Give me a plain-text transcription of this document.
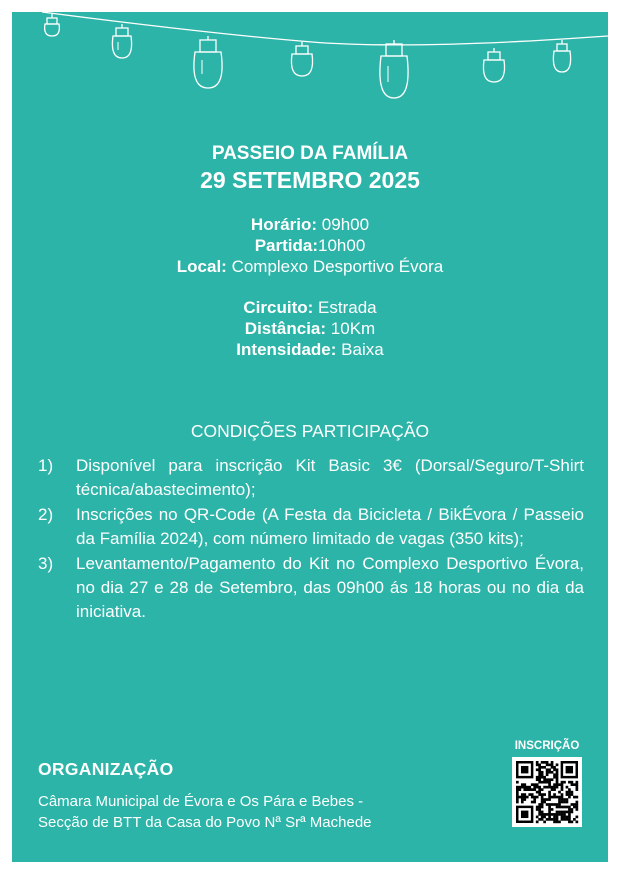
PASSEIO DA FAMÍLIA
29 SETEMBRO 2025
Horário: 09h00
Partida:10h00
Local: Complexo Desportivo Évora
Circuito: Estrada
Distância: 10Km
Intensidade: Baixa
CONDIÇÕES PARTICIPAÇÃO
1)	Disponível para inscrição Kit Basic 3€ (Dorsal/Seguro/T-Shirt técnica/abastecimento);
2)	Inscrições no QR-Code (A Festa da Bicicleta / BikÉvora / Passeio da Família 2024), com número limitado de vagas (350 kits);
3)	Levantamento/Pagamento do Kit no Complexo Desportivo Évora, no dia 27 e 28 de Setembro, das 09h00 ás 18 horas ou no dia da iniciativa.
ORGANIZAÇÃO
Câmara Municipal de Évora e Os Pára e Bebes -
Secção de BTT da Casa do Povo Nª Srª Machede
INSCRIÇÃO
